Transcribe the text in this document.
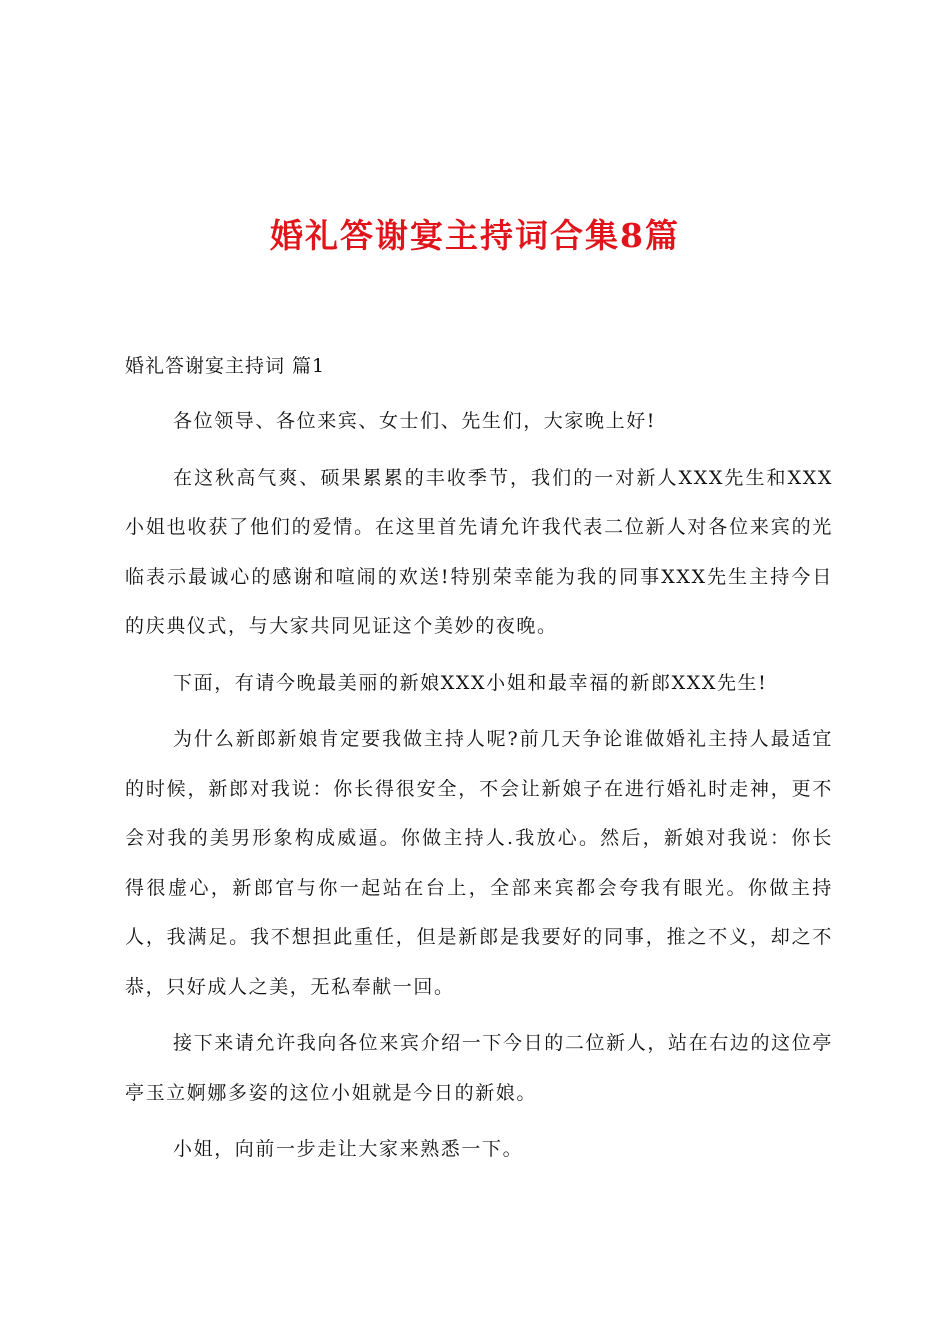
婚礼答谢宴主持词合集8篇
婚礼答谢宴主持词 篇1

各位领导、各位来宾、女士们、先生们，大家晚上好!

在这秋高气爽、硕果累累的丰收季节，我们的一对新人XXX先生和XXX小姐也收获了他们的爱情。在这里首先请允许我代表二位新人对各位来宾的光临表示最诚心的感谢和喧闹的欢送!特别荣幸能为我的同事XXX先生主持今日的庆典仪式，与大家共同见证这个美妙的夜晚。

下面，有请今晚最美丽的新娘XXX小姐和最幸福的新郎XXX先生!

为什么新郎新娘肯定要我做主持人呢?前几天争论谁做婚礼主持人最适宜的时候，新郎对我说：你长得很安全，不会让新娘子在进行婚礼时走神，更不会对我的美男形象构成威逼。你做主持人.我放心。然后，新娘对我说：你长得很虚心，新郎官与你一起站在台上，全部来宾都会夸我有眼光。你做主持人，我满足。我不想担此重任，但是新郎是我要好的同事，推之不义，却之不恭，只好成人之美，无私奉献一回。

接下来请允许我向各位来宾介绍一下今日的二位新人，站在右边的这位亭亭玉立婀娜多姿的这位小姐就是今日的新娘。

小姐，向前一步走让大家来熟悉一下。
